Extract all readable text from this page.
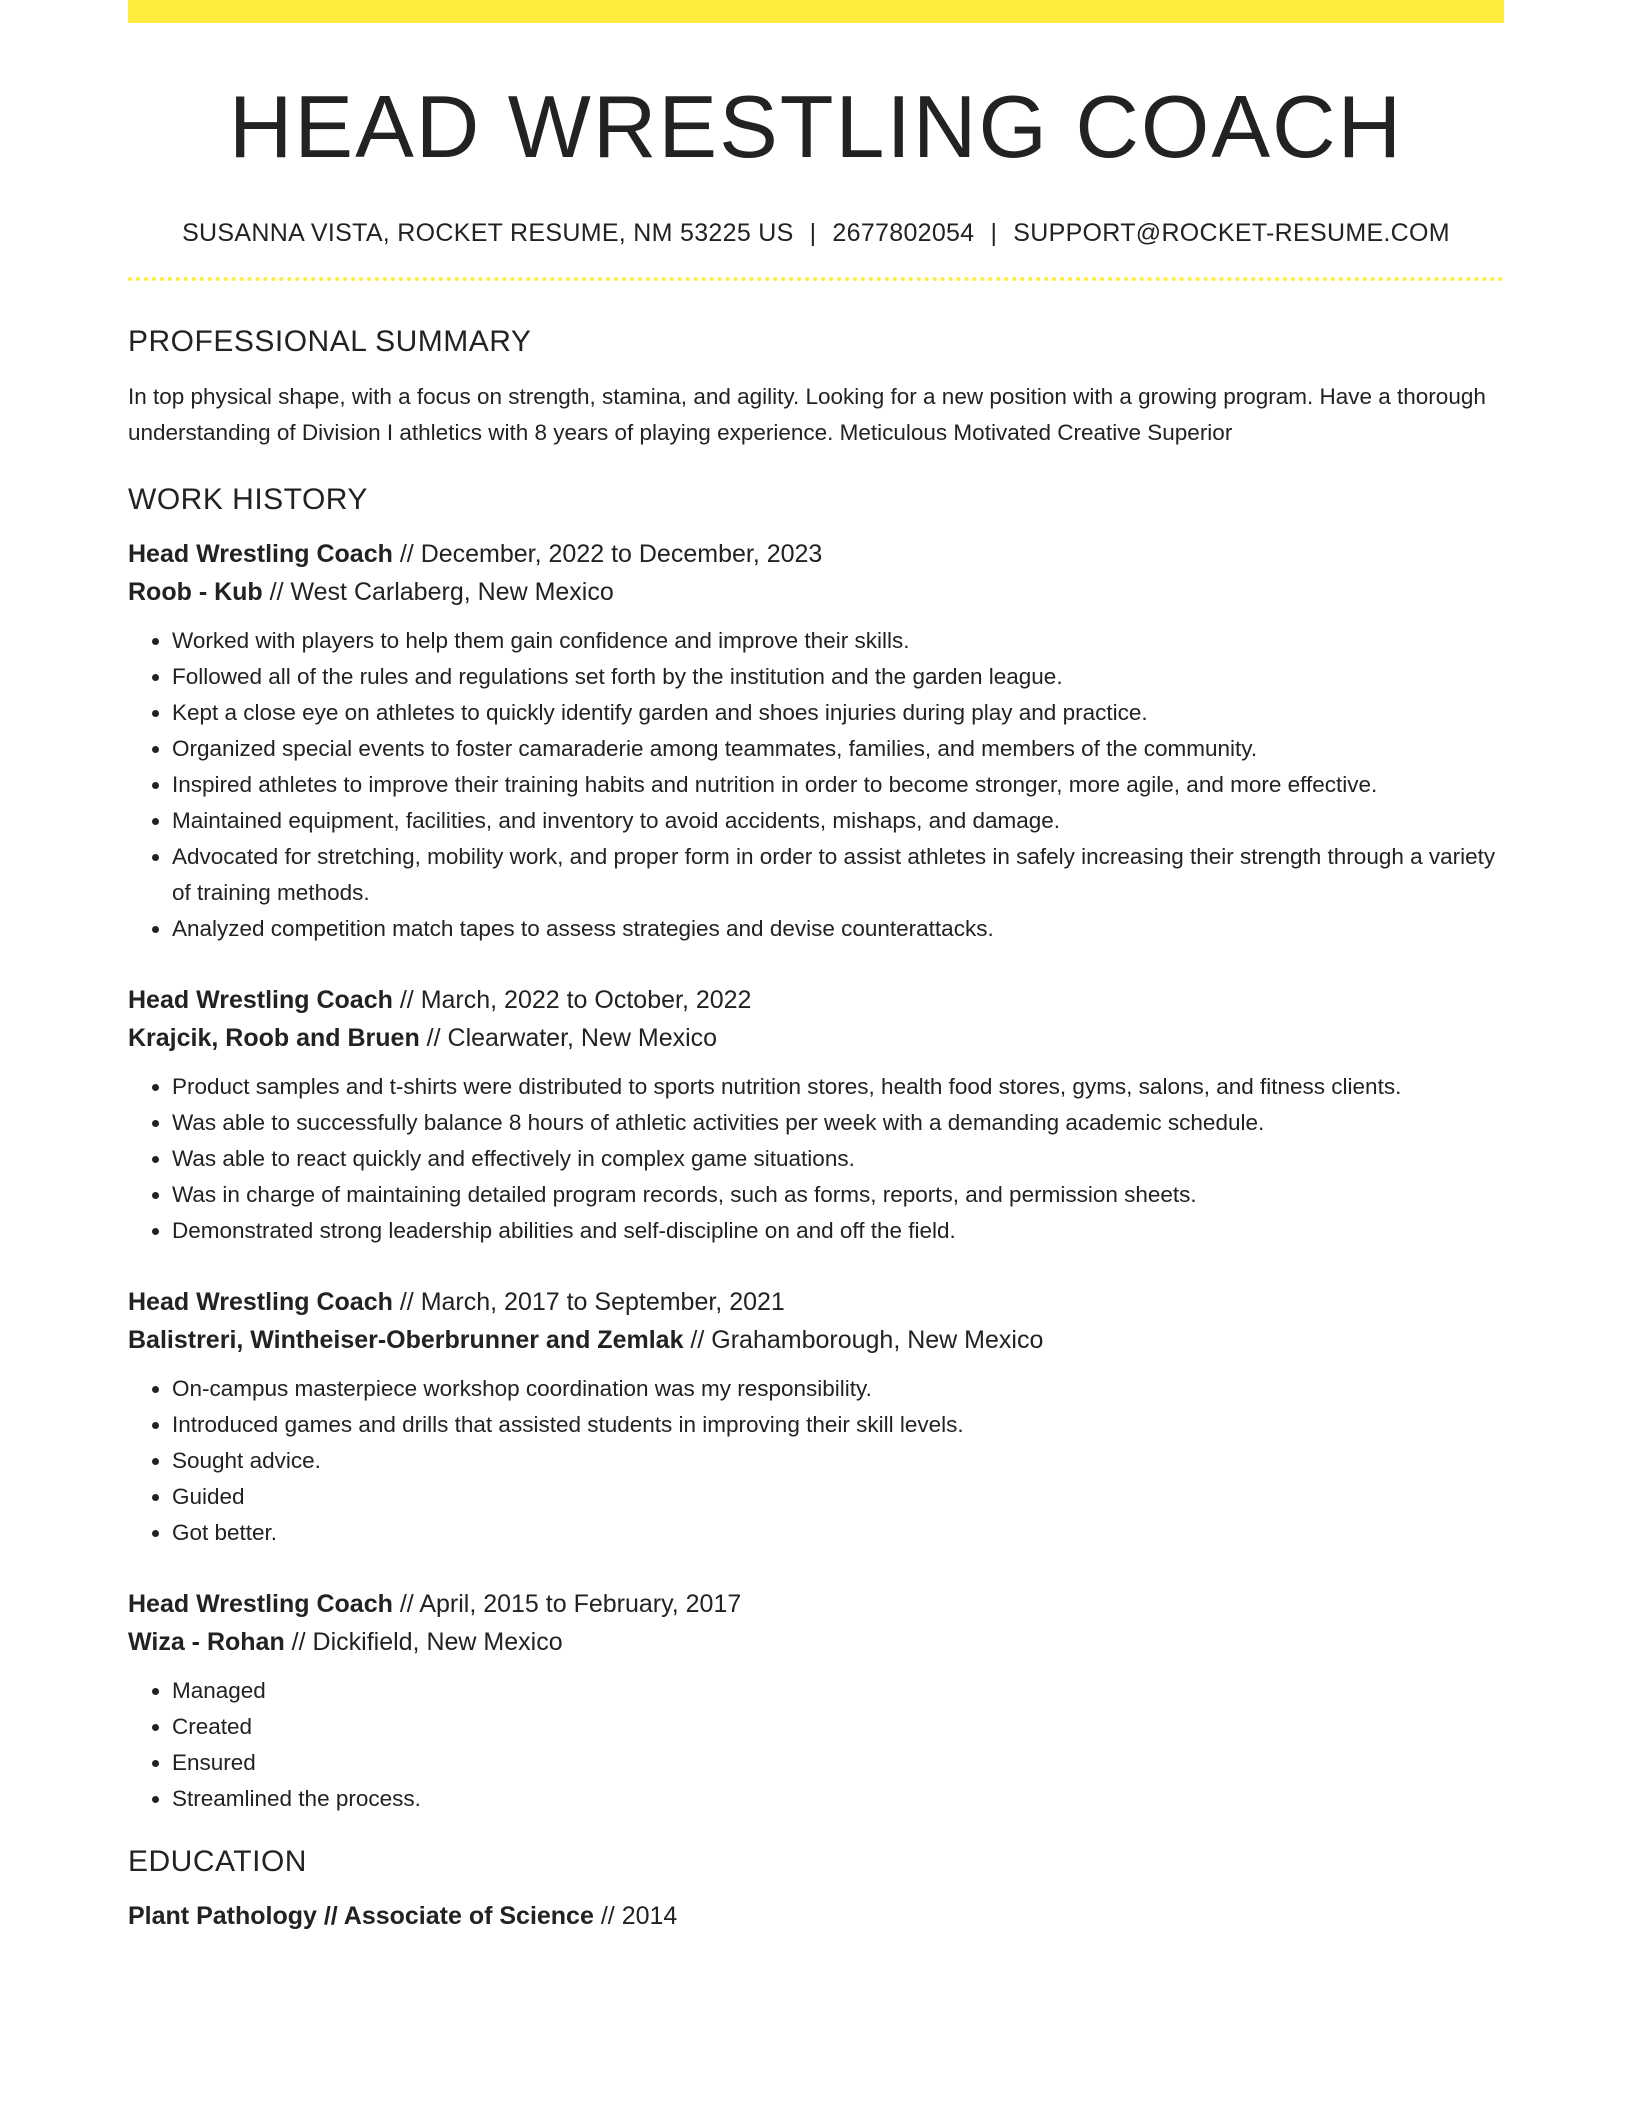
HEAD WRESTLING COACH
SUSANNA VISTA, ROCKET RESUME, NM 53225 US | 2677802054 | SUPPORT@ROCKET-RESUME.COM
PROFESSIONAL SUMMARY
In top physical shape, with a focus on strength, stamina, and agility. Looking for a new position with a growing program. Have a thorough understanding of Division I athletics with 8 years of playing experience. Meticulous Motivated Creative Superior
WORK HISTORY
Head Wrestling Coach // December, 2022 to December, 2023
Roob - Kub // West Carlaberg, New Mexico
• Worked with players to help them gain confidence and improve their skills.
• Followed all of the rules and regulations set forth by the institution and the garden league.
• Kept a close eye on athletes to quickly identify garden and shoes injuries during play and practice.
• Organized special events to foster camaraderie among teammates, families, and members of the community.
• Inspired athletes to improve their training habits and nutrition in order to become stronger, more agile, and more effective.
• Maintained equipment, facilities, and inventory to avoid accidents, mishaps, and damage.
• Advocated for stretching, mobility work, and proper form in order to assist athletes in safely increasing their strength through a variety of training methods.
• Analyzed competition match tapes to assess strategies and devise counterattacks.
Head Wrestling Coach // March, 2022 to October, 2022
Krajcik, Roob and Bruen // Clearwater, New Mexico
• Product samples and t-shirts were distributed to sports nutrition stores, health food stores, gyms, salons, and fitness clients.
• Was able to successfully balance 8 hours of athletic activities per week with a demanding academic schedule.
• Was able to react quickly and effectively in complex game situations.
• Was in charge of maintaining detailed program records, such as forms, reports, and permission sheets.
• Demonstrated strong leadership abilities and self-discipline on and off the field.
Head Wrestling Coach // March, 2017 to September, 2021
Balistreri, Wintheiser-Oberbrunner and Zemlak // Grahamborough, New Mexico
• On-campus masterpiece workshop coordination was my responsibility.
• Introduced games and drills that assisted students in improving their skill levels.
• Sought advice.
• Guided
• Got better.
Head Wrestling Coach // April, 2015 to February, 2017
Wiza - Rohan // Dickifield, New Mexico
• Managed
• Created
• Ensured
• Streamlined the process.
EDUCATION
Plant Pathology // Associate of Science // 2014
